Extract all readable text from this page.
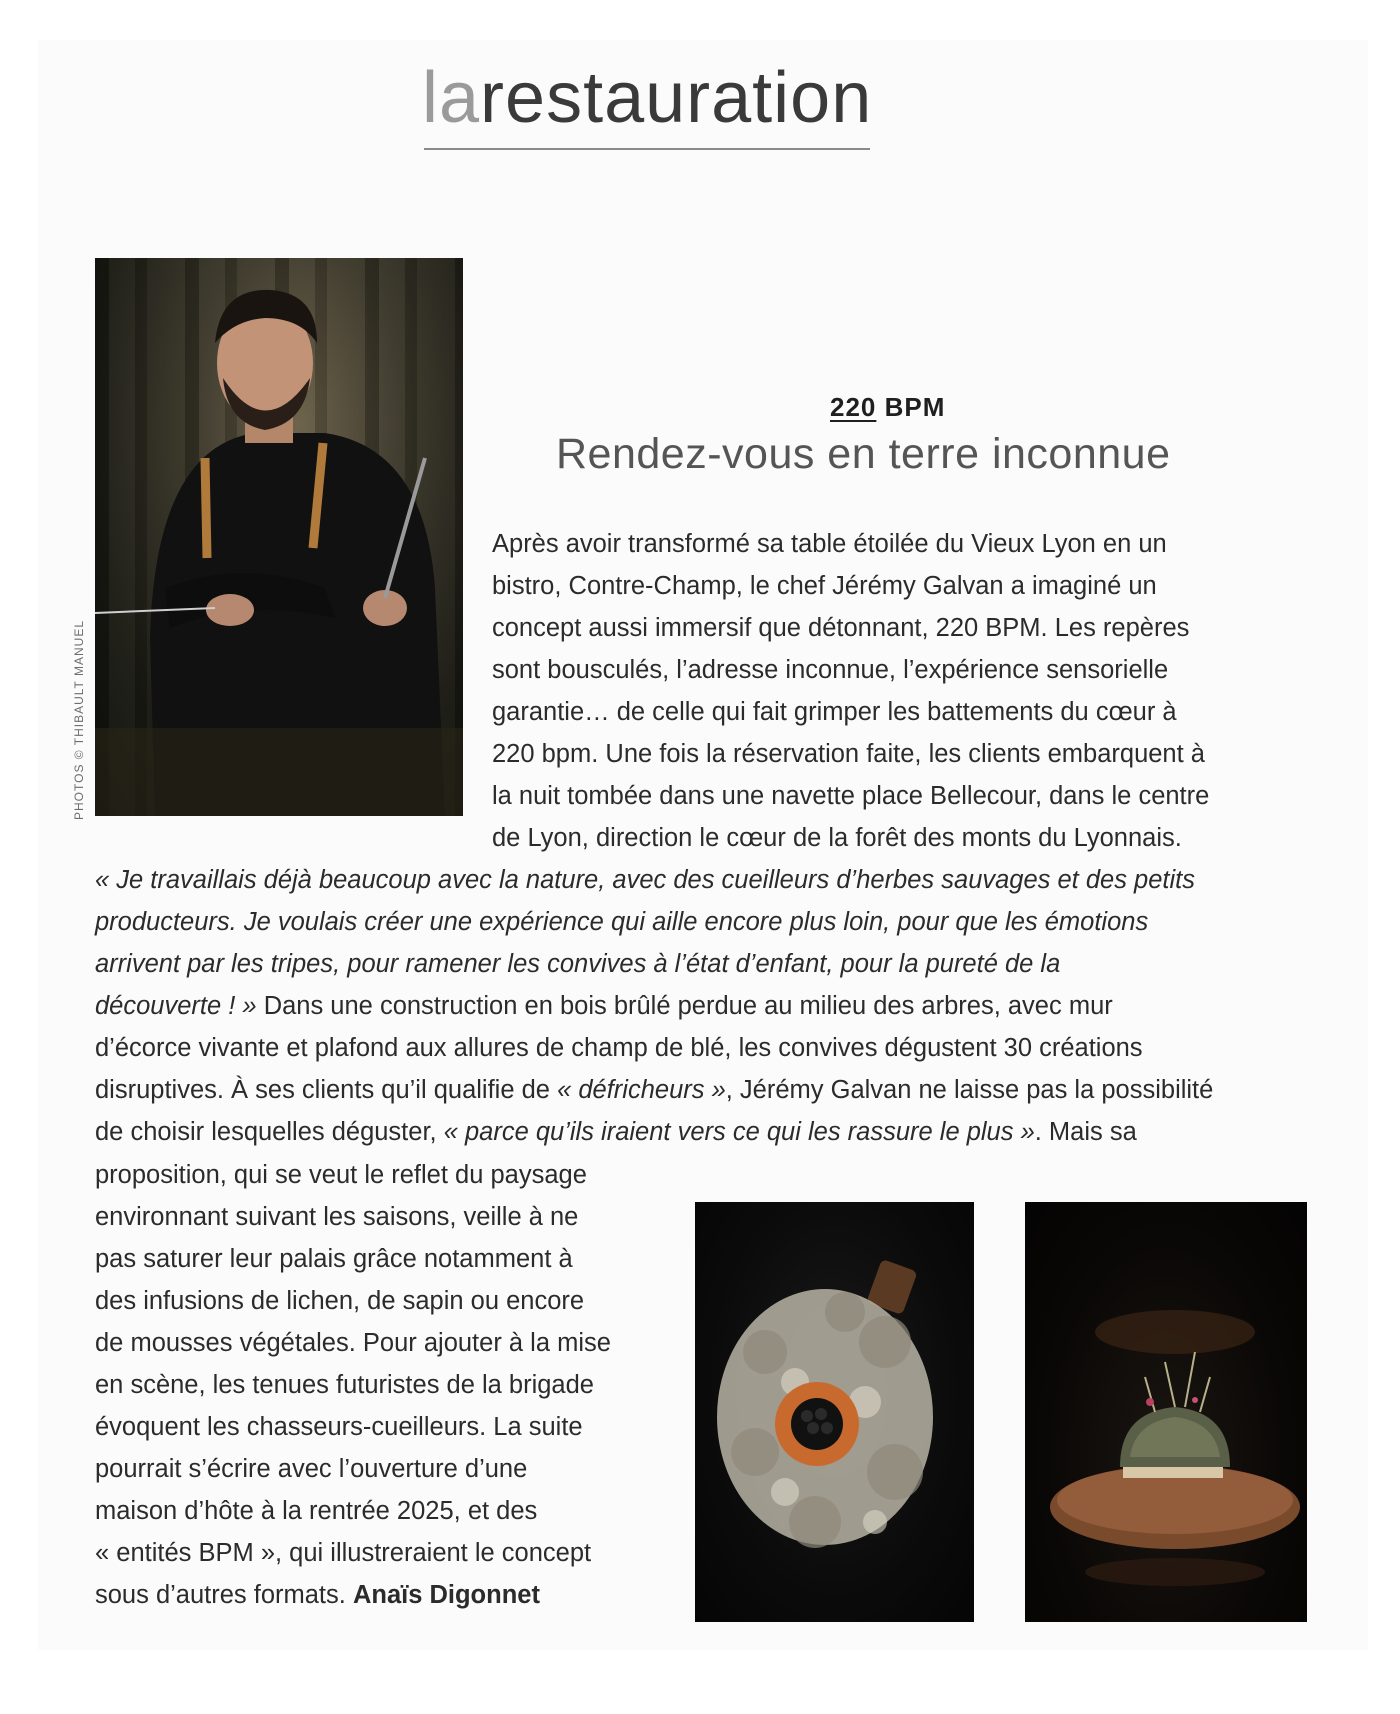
larestauration
PHOTOS © THIBAULT MANUEL
220 BPM
Rendez-vous en terre inconnue
Après avoir transformé sa table étoilée du Vieux Lyon en un
bistro, Contre-Champ, le chef Jérémy Galvan a imaginé un
concept aussi immersif que détonnant, 220 BPM. Les repères
sont bousculés, l’adresse inconnue, l’expérience sensorielle
garantie… de celle qui fait grimper les battements du cœur à
220 bpm. Une fois la réservation faite, les clients embarquent à
la nuit tombée dans une navette place Bellecour, dans le centre
de Lyon, direction le cœur de la forêt des monts du Lyonnais.
« Je travaillais déjà beaucoup avec la nature, avec des cueilleurs d’herbes sauvages et des petits
producteurs. Je voulais créer une expérience qui aille encore plus loin, pour que les émotions
arrivent par les tripes, pour ramener les convives à l’état d’enfant, pour la pureté de la
découverte ! » Dans une construction en bois brûlé perdue au milieu des arbres, avec mur
d’écorce vivante et plafond aux allures de champ de blé, les convives dégustent 30 créations
disruptives. À ses clients qu’il qualifie de « défricheurs », Jérémy Galvan ne laisse pas la possibilité
de choisir lesquelles déguster, « parce qu’ils iraient vers ce qui les rassure le plus ». Mais sa
proposition, qui se veut le reflet du paysage
environnant suivant les saisons, veille à ne
pas saturer leur palais grâce notamment à
des infusions de lichen, de sapin ou encore
de mousses végétales. Pour ajouter à la mise
en scène, les tenues futuristes de la brigade
évoquent les chasseurs-cueilleurs. La suite
pourrait s’écrire avec l’ouverture d’une
maison d’hôte à la rentrée 2025, et des
« entités BPM », qui illustreraient le concept
sous d’autres formats. Anaïs Digonnet
